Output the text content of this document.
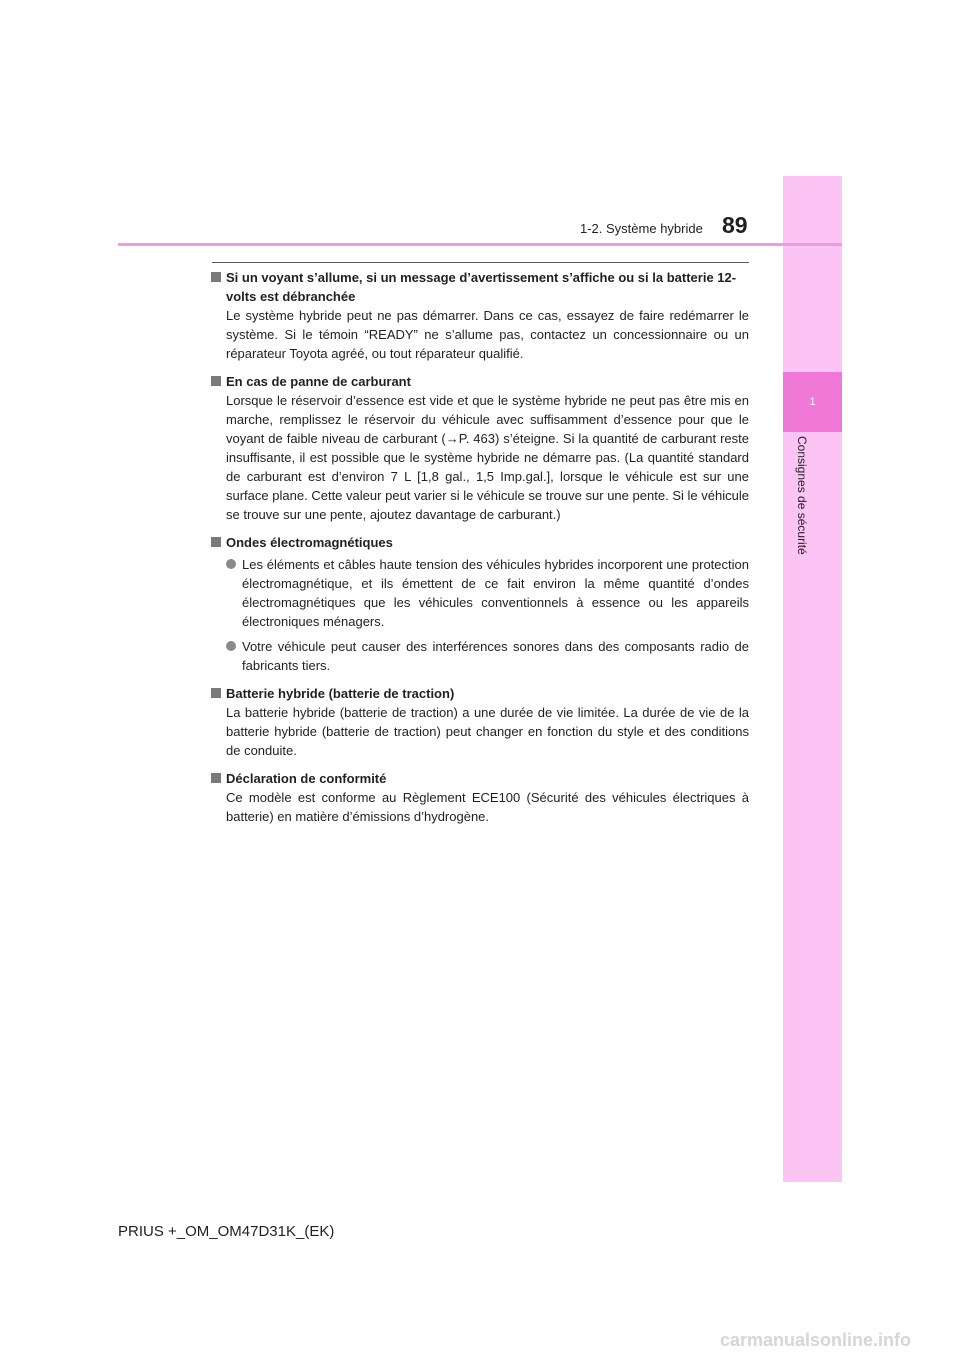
1
Consignes de sécurité
1-2. Système hybride 89
Si un voyant s’allume, si un message d’avertissement s’affiche ou si la batterie 12-volts est débranchée
Le système hybride peut ne pas démarrer. Dans ce cas, essayez de faire redémarrer le système. Si le témoin “READY” ne s’allume pas, contactez un concessionnaire ou un réparateur Toyota agréé, ou tout réparateur qualifié.
En cas de panne de carburant
Lorsque le réservoir d’essence est vide et que le système hybride ne peut pas être mis en marche, remplissez le réservoir du véhicule avec suffisamment d’essence pour que le voyant de faible niveau de carburant (→P. 463) s’éteigne. Si la quantité de carburant reste insuffisante, il est possible que le système hybride ne démarre pas. (La quantité standard de carburant est d’environ 7 L [1,8 gal., 1,5 Imp.gal.], lorsque le véhicule est sur une surface plane. Cette valeur peut varier si le véhicule se trouve sur une pente. Si le véhicule se trouve sur une pente, ajoutez davantage de carburant.)
Ondes électromagnétiques
Les éléments et câbles haute tension des véhicules hybrides incorporent une protection électromagnétique, et ils émettent de ce fait environ la même quantité d’ondes électromagnétiques que les véhicules conventionnels à essence ou les appareils électroniques ménagers.
Votre véhicule peut causer des interférences sonores dans des composants radio de fabricants tiers.
Batterie hybride (batterie de traction)
La batterie hybride (batterie de traction) a une durée de vie limitée. La durée de vie de la batterie hybride (batterie de traction) peut changer en fonction du style et des conditions de conduite.
Déclaration de conformité
Ce modèle est conforme au Règlement ECE100 (Sécurité des véhicules électriques à batterie) en matière d’émissions d’hydrogène.
PRIUS +_OM_OM47D31K_(EK)
carmanualsonline.info
